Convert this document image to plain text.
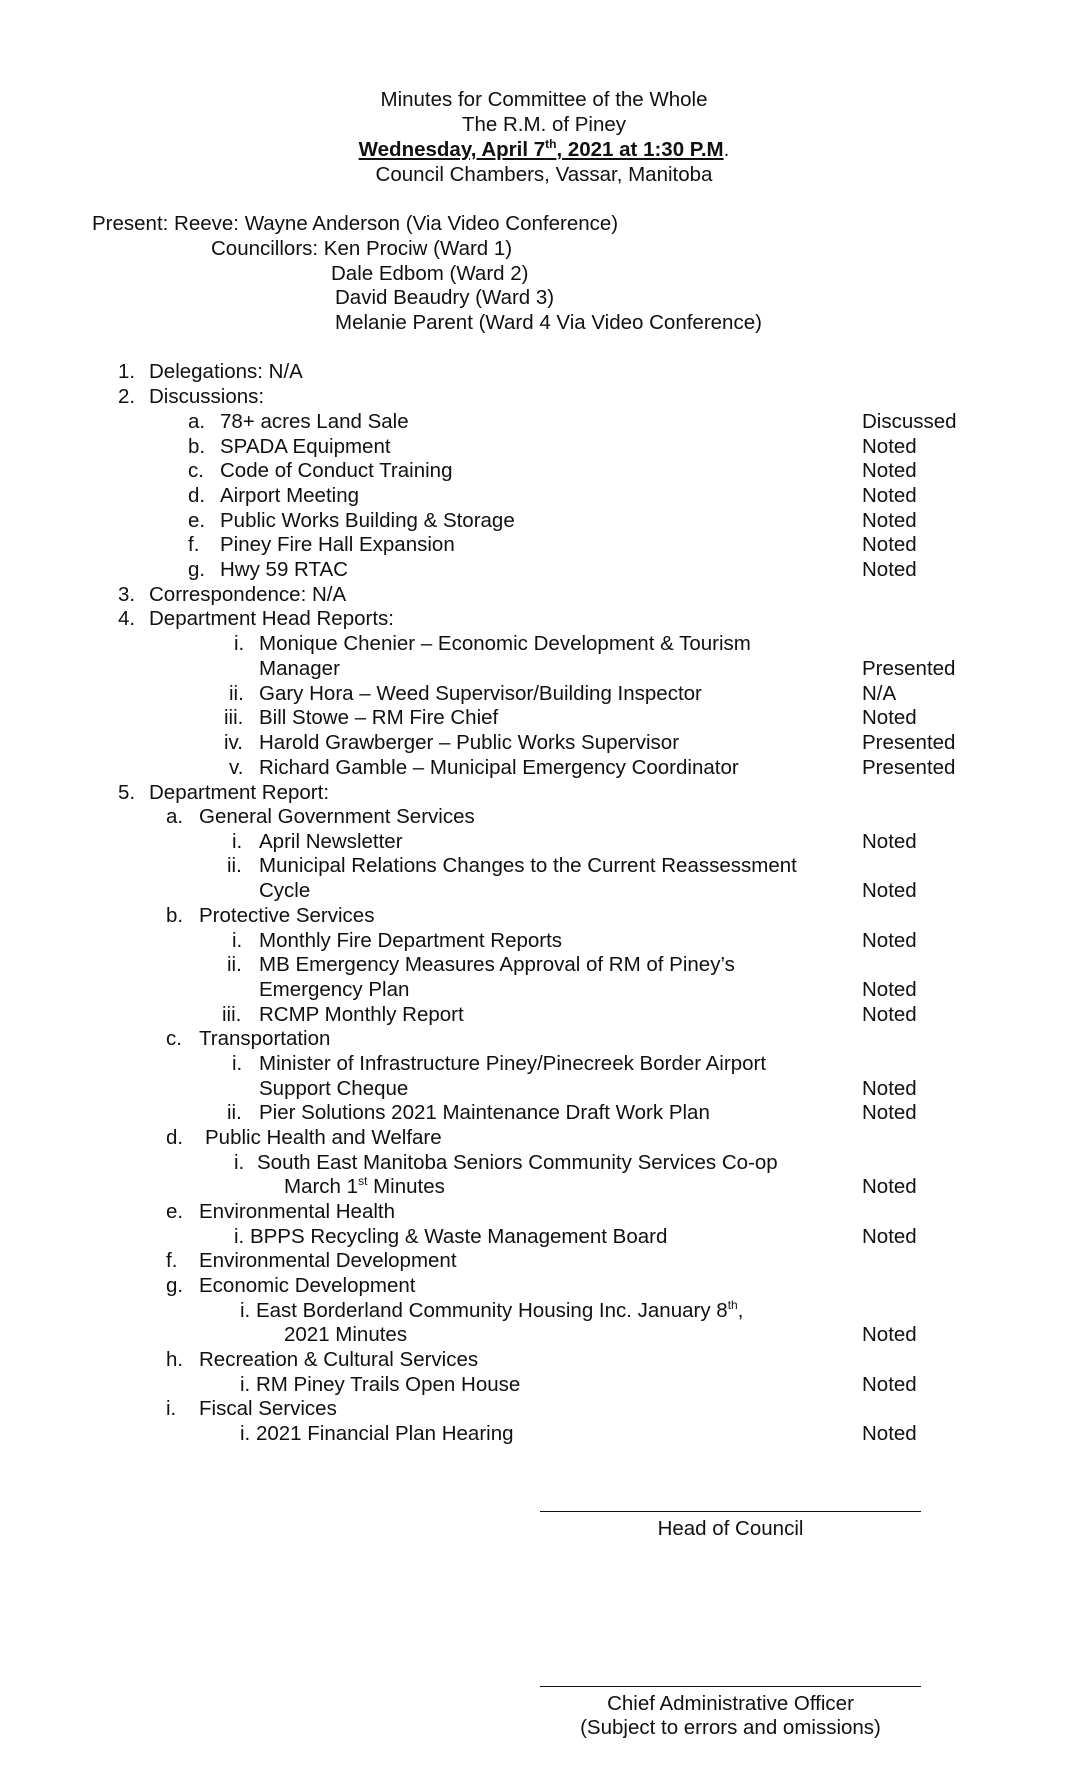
Minutes for Committee of the Whole
The R.M. of Piney
Wednesday, April 7th, 2021 at 1:30 P.M.
Council Chambers, Vassar, Manitoba
Present: Reeve: Wayne Anderson (Via Video Conference)
Councillors: Ken Prociw (Ward 1)
Dale Edbom (Ward 2)
David Beaudry (Ward 3)
Melanie Parent (Ward 4 Via Video Conference)
1. Delegations: N/A
2. Discussions:
a. 78+ acres Land Sale	Discussed
b. SPADA Equipment	Noted
c. Code of Conduct Training	Noted
d. Airport Meeting	Noted
e. Public Works Building & Storage	Noted
f. Piney Fire Hall Expansion	Noted
g. Hwy 59 RTAC	Noted
3. Correspondence: N/A
4. Department Head Reports:
i. Monique Chenier – Economic Development & Tourism
Manager	Presented
ii. Gary Hora – Weed Supervisor/Building Inspector	N/A
iii. Bill Stowe – RM Fire Chief	Noted
iv. Harold Grawberger – Public Works Supervisor	Presented
v. Richard Gamble – Municipal Emergency Coordinator	Presented
5. Department Report:
a. General Government Services
i. April Newsletter	Noted
ii. Municipal Relations Changes to the Current Reassessment
Cycle	Noted
b. Protective Services
i. Monthly Fire Department Reports	Noted
ii. MB Emergency Measures Approval of RM of Piney’s
Emergency Plan	Noted
iii. RCMP Monthly Report	Noted
c. Transportation
i. Minister of Infrastructure Piney/Pinecreek Border Airport
Support Cheque	Noted
ii. Pier Solutions 2021 Maintenance Draft Work Plan	Noted
d. Public Health and Welfare
i. South East Manitoba Seniors Community Services Co-op
March 1st Minutes	Noted
e. Environmental Health
i. BPPS Recycling & Waste Management Board	Noted
f. Environmental Development
g. Economic Development
i. East Borderland Community Housing Inc. January 8th,
2021 Minutes	Noted
h. Recreation & Cultural Services
i. RM Piney Trails Open House	Noted
i. Fiscal Services
i. 2021 Financial Plan Hearing	Noted
Head of Council
Chief Administrative Officer
(Subject to errors and omissions)
